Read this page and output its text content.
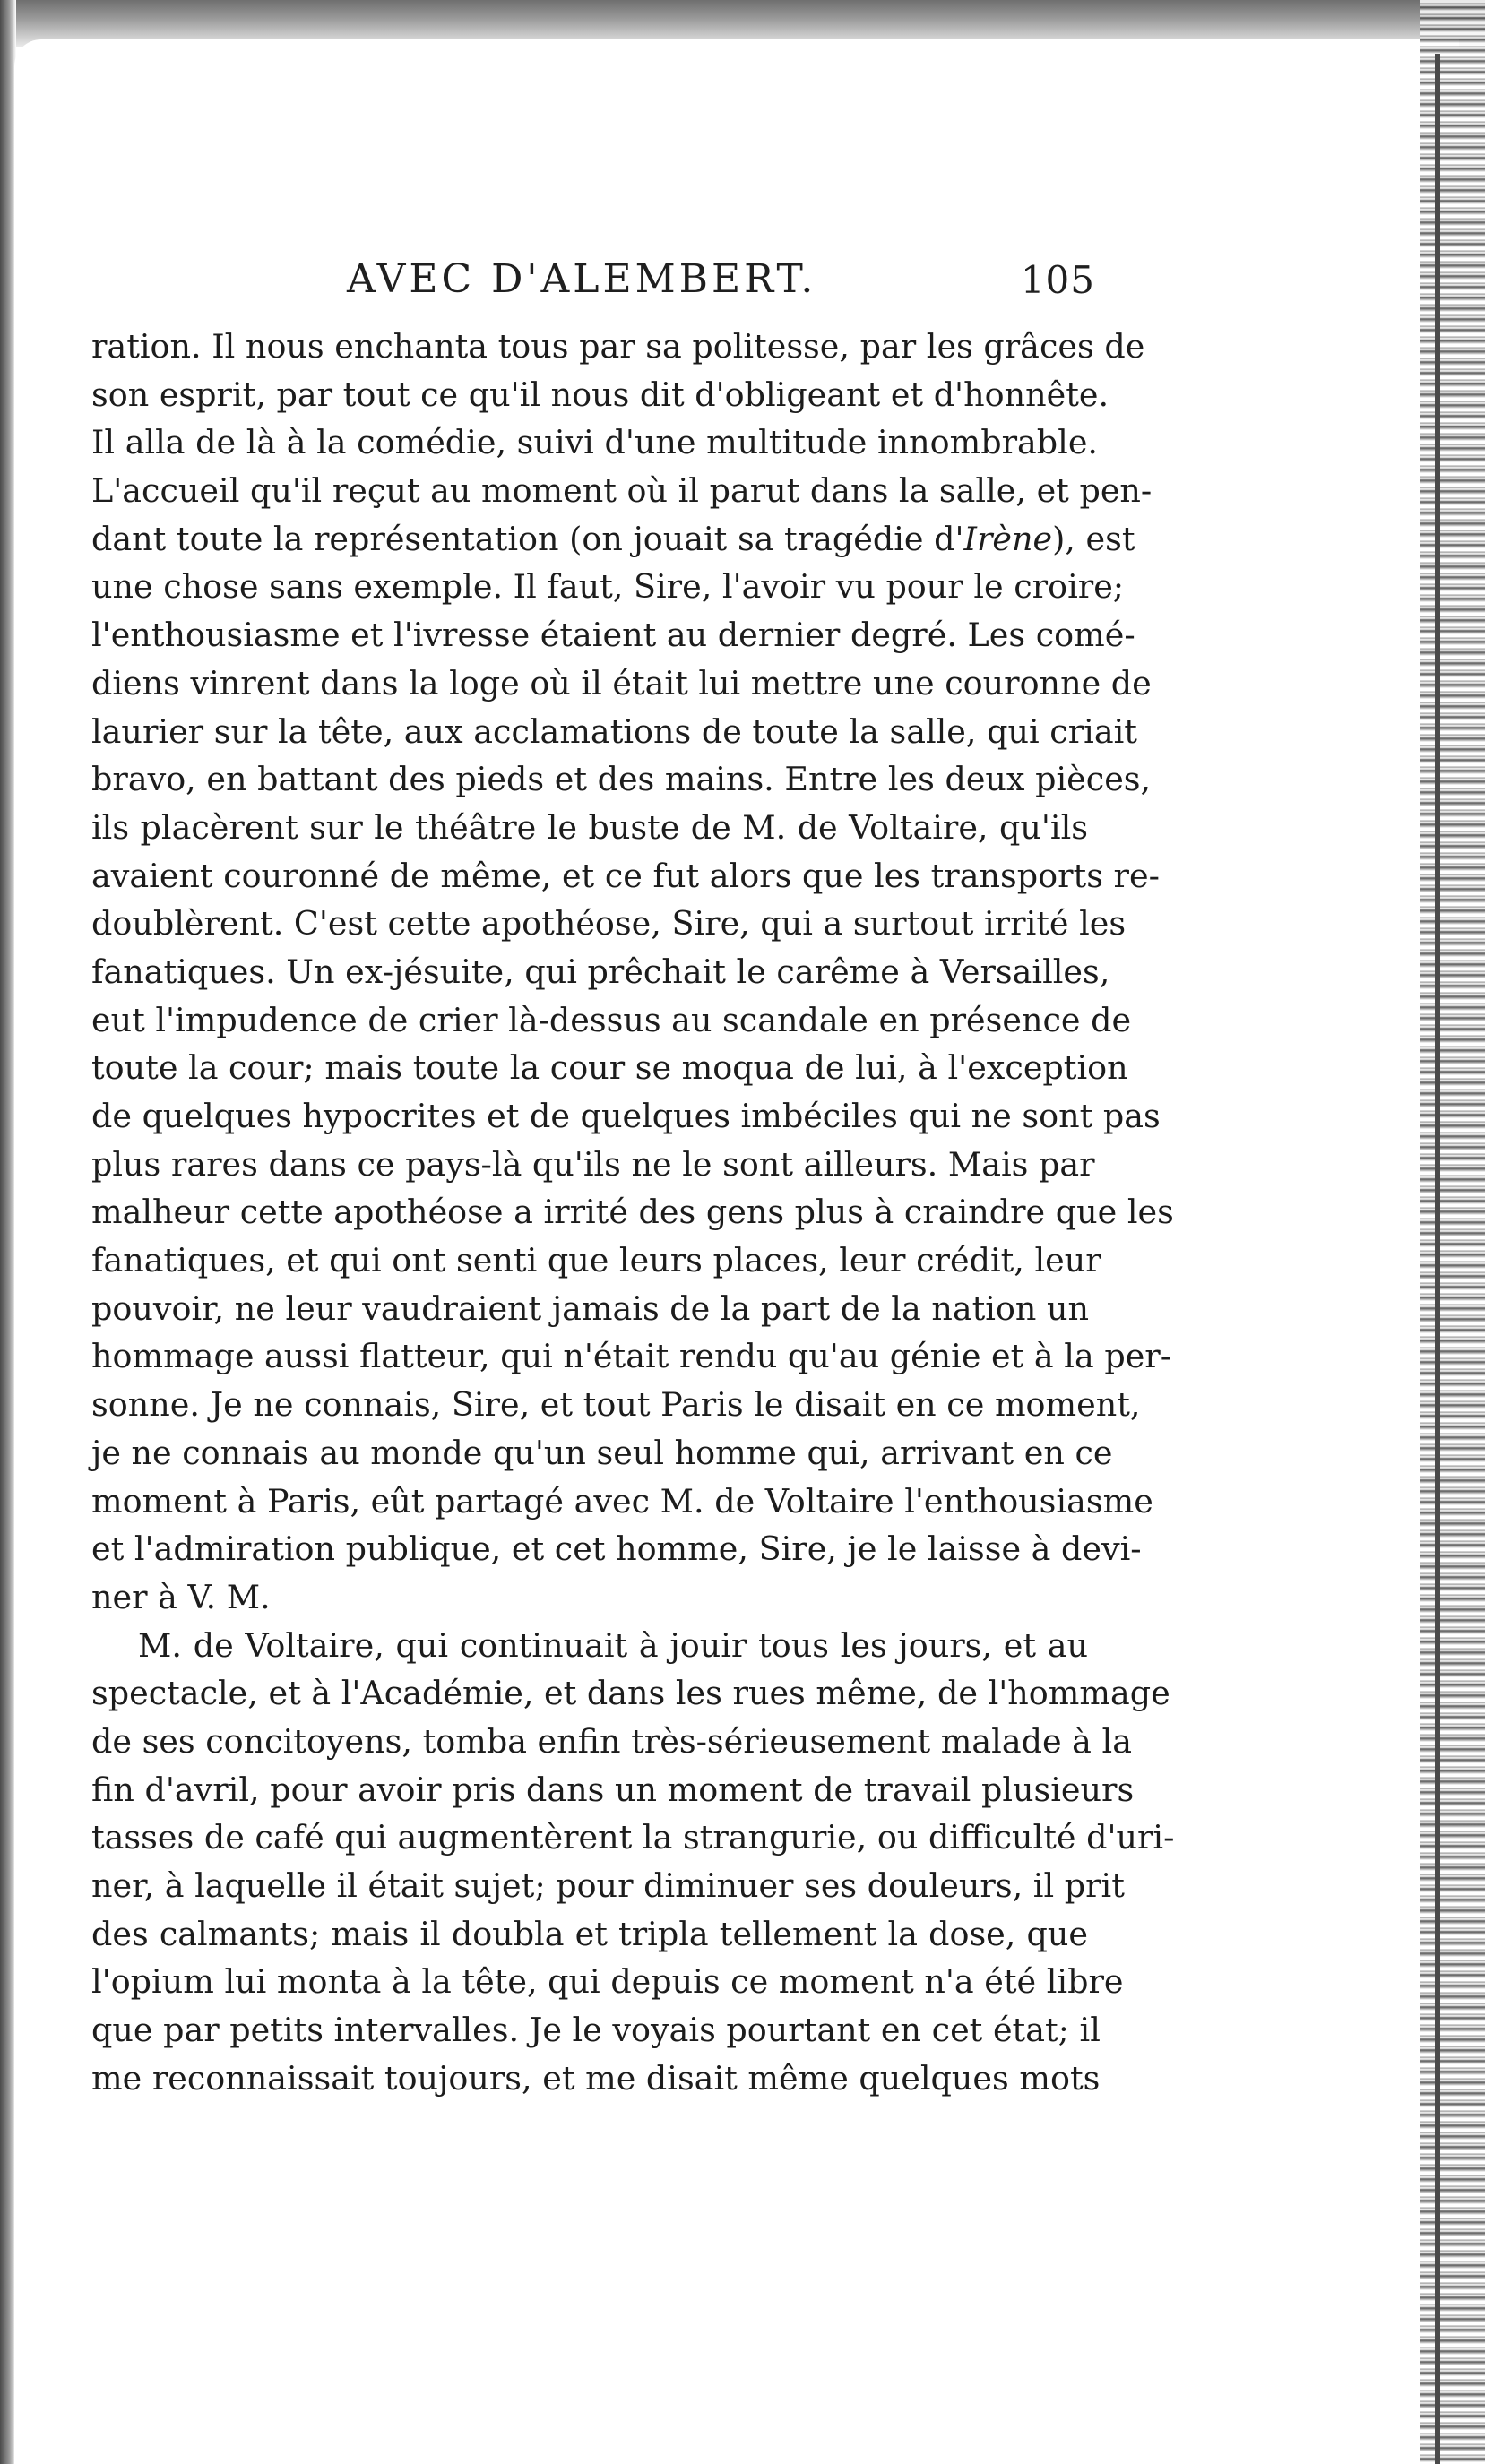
AVEC D'ALEMBERT.	105
ration. Il nous enchanta tous par sa politesse, par les grâces de
son esprit, par tout ce qu'il nous dit d'obligeant et d'honnête.
Il alla de là à la comédie, suivi d'une multitude innombrable.
L'accueil qu'il reçut au moment où il parut dans la salle, et pen-
dant toute la représentation (on jouait sa tragédie d'Irène), est
une chose sans exemple. Il faut, Sire, l'avoir vu pour le croire;
l'enthousiasme et l'ivresse étaient au dernier degré. Les comé-
diens vinrent dans la loge où il était lui mettre une couronne de
laurier sur la tête, aux acclamations de toute la salle, qui criait
bravo, en battant des pieds et des mains. Entre les deux pièces,
ils placèrent sur le théâtre le buste de M. de Voltaire, qu'ils
avaient couronné de même, et ce fut alors que les transports re-
doublèrent. C'est cette apothéose, Sire, qui a surtout irrité les
fanatiques. Un ex-jésuite, qui prêchait le carême à Versailles,
eut l'impudence de crier là-dessus au scandale en présence de
toute la cour; mais toute la cour se moqua de lui, à l'exception
de quelques hypocrites et de quelques imbéciles qui ne sont pas
plus rares dans ce pays-là qu'ils ne le sont ailleurs. Mais par
malheur cette apothéose a irrité des gens plus à craindre que les
fanatiques, et qui ont senti que leurs places, leur crédit, leur
pouvoir, ne leur vaudraient jamais de la part de la nation un
hommage aussi flatteur, qui n'était rendu qu'au génie et à la per-
sonne. Je ne connais, Sire, et tout Paris le disait en ce moment,
je ne connais au monde qu'un seul homme qui, arrivant en ce
moment à Paris, eût partagé avec M. de Voltaire l'enthousiasme
et l'admiration publique, et cet homme, Sire, je le laisse à devi-
ner à V. M.
M. de Voltaire, qui continuait à jouir tous les jours, et au
spectacle, et à l'Académie, et dans les rues même, de l'hommage
de ses concitoyens, tomba enfin très-sérieusement malade à la
fin d'avril, pour avoir pris dans un moment de travail plusieurs
tasses de café qui augmentèrent la strangurie, ou difficulté d'uri-
ner, à laquelle il était sujet; pour diminuer ses douleurs, il prit
des calmants; mais il doubla et tripla tellement la dose, que
l'opium lui monta à la tête, qui depuis ce moment n'a été libre
que par petits intervalles. Je le voyais pourtant en cet état; il
me reconnaissait toujours, et me disait même quelques mots
